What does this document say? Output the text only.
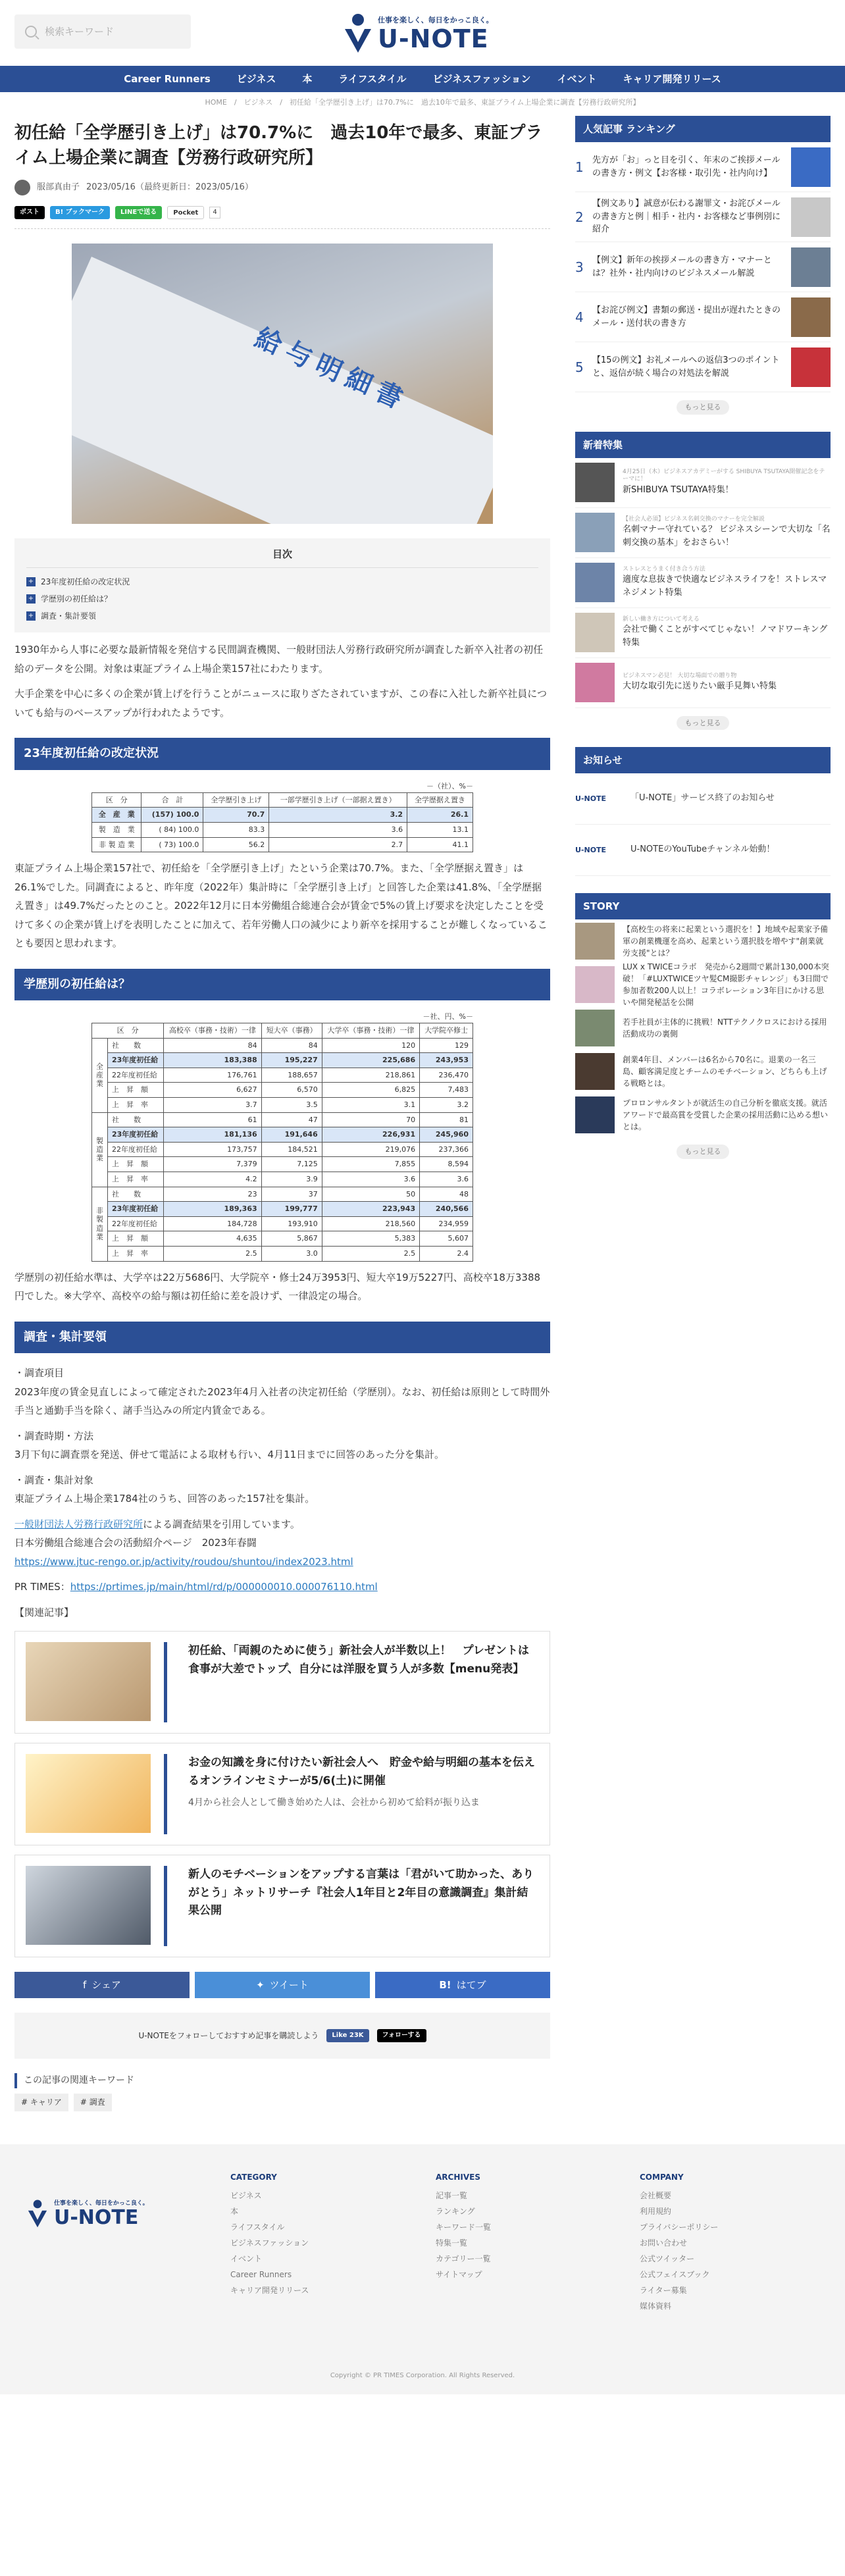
検索キーワード
仕事を楽しく、毎日をかっこ良く。
U-NOTE
Career Runners	ビジネス	本	ライフスタイル	ビジネスファッション	イベント	キャリア開発リリース
HOME　/　ビジネス　/　初任給「全学歴引き上げ」は70.7%に　過去10年で最多、東証プライム上場企業に調査【労務行政研究所】
初任給「全学歴引き上げ」は70.7%に　過去10年で最多、東証プライム上場企業に調査【労務行政研究所】
服部真由子 2023/05/16（最終更新日：2023/05/16）
ポスト	B! ブックマーク	LINEで送る	Pocket	4
給与明細書
目次
+ 23年度初任給の改定状況
+ 学歴別の初任給は？
+ 調査・集計要領

1930年から人事に必要な最新情報を発信する民間調査機関、一般財団法人労務行政研究所が調査した新卒入社者の初任給のデータを公開。対象は東証プライム上場企業157社にわたります。

大手企業を中心に多くの企業が賃上げを行うことがニュースに取りざたされていますが、この春に入社した新卒社員についても給与のベースアップが行われたようです。

23年度初任給の改定状況
－（社）、%－
区　分	合　計	全学歴引き上げ	一部学歴引き上げ（一部据え置き）	全学歴据え置き
全　産　業	(157) 100.0	70.7	3.2	26.1
製　造　業	( 84) 100.0	83.3	3.6	13.1
非 製 造 業	( 73) 100.0	56.2	2.7	41.1

東証プライム上場企業157社で、初任給を「全学歴引き上げ」たという企業は70.7%。また、「全学歴据え置き」は26.1%でした。同調査によると、昨年度（2022年）集計時に「全学歴引き上げ」と回答した企業は41.8%、「全学歴据え置き」は49.7%だったとのこと。2022年12月に日本労働組合総連合会が賃金で5%の賃上げ要求を決定したことを受けて多くの企業が賃上げを表明したことに加えて、若年労働人口の減少により新卒を採用することが難しくなっていることも要因と思われます。

学歴別の初任給は？
－社、円、%－
区　分		高校卒（事務・技術）一律	短大卒（事務）	大学卒（事務・技術）一律	大学院卒修士
全産業	社　　数	84	84	120	129
	23年度初任給	183,388	195,227	225,686	243,953
	22年度初任給	176,761	188,657	218,861	236,470
	上　昇　額	6,627	6,570	6,825	7,483
	上　昇　率	3.7	3.5	3.1	3.2
製造業	社　　数	61	47	70	81
	23年度初任給	181,136	191,646	226,931	245,960
	22年度初任給	173,757	184,521	219,076	237,366
	上　昇　額	7,379	7,125	7,855	8,594
	上　昇　率	4.2	3.9	3.6	3.6
非製造業	社　　数	23	37	50	48
	23年度初任給	189,363	199,777	223,943	240,566
	22年度初任給	184,728	193,910	218,560	234,959
	上　昇　額	4,635	5,867	5,383	5,607
	上　昇　率	2.5	3.0	2.5	2.4

学歴別の初任給水準は、大学卒は22万5686円、大学院卒・修士24万3953円、短大卒19万5227円、高校卒18万3388円でした。※大学卒、高校卒の給与額は初任給に差を設けず、一律設定の場合。

調査・集計要領

・調査項目

2023年度の賃金見直しによって確定された2023年4月入社者の決定初任給（学歴別）。なお、初任給は原則として時間外手当と通勤手当を除く、諸手当込みの所定内賃金である。

・調査時期・方法

3月下旬に調査票を発送、併せて電話による取材も行い、4月11日までに回答のあった分を集計。

・調査・集計対象

東証プライム上場企業1784社のうち、回答のあった157社を集計。

一般財団法人労務行政研究所による調査結果を引用しています。

日本労働組合総連合会の活動紹介ページ　2023年春闘

https://www.jtuc-rengo.or.jp/activity/roudou/shuntou/index2023.html

PR TIMES：https://prtimes.jp/main/html/rd/p/000000010.000076110.html

【関連記事】

初任給、「両親のために使う」新社会人が半数以上！　プレゼントは食事が大差でトップ、自分には洋服を買う人が多数【menu発表】
お金の知識を身に付けたい新社会人へ　貯金や給与明細の基本を伝えるオンラインセミナーが5/6(土)に開催
4月から社会人として働き始めた人は、会社から初めて給料が振り込ま
新人のモチベーションをアップする言葉は「君がいて助かった、ありがとう」ネットリサーチ『社会人1年目と2年目の意識調査』集計結果公開
f シェア	✦ ツイート	B! はてブ
U-NOTEをフォローしておすすめ記事を購読しよう	Like 23K	フォローする
この記事の関連キーワード
# キャリア	# 調査
人気記事 ランキング
1 先方が「お」っと目を引く、年末のご挨拶メールの書き方・例文【お客様・取引先・社内向け】
2
【例文あり】誠意が伝わる謝罪文・お詫びメールの書き方と例｜相手・社内・お客様など事例別に紹介
3 【例文】新年の挨拶メールの書き方・マナーとは？社外・社内向けのビジネスメール解説
4 【お詫び例文】書類の郵送・提出が遅れたときのメール・送付状の書き方
5 【15の例文】お礼メールへの返信3つのポイントと、返信が続く場合の対処法を解説
もっと見る
新着特集
4月25日（木）ビジネスアカデミーがする SHIBUYA TSUTAYA開催記念をテーマに！
新SHIBUYA TSUTAYA特集！
【社会人必須】ビジネス名刺交換のマナーを完全解説
名刺マナー守れている？ ビジネスシーンで大切な「名刺交換の基本」をおさらい！
ストレスとうまく付き合う方法
適度な息抜きで快適なビジネスライフを！ストレスマネジメント特集
新しい働き方について考える
会社で働くことがすべてじゃない！ノマドワーキング特集
ビジネスマン必見！ 大切な場面での贈り物
大切な取引先に送りたい厳手見舞い特集
もっと見る
お知らせ
U-NOTE	「U-NOTE」サービス終了のお知らせ
U-NOTE	U-NOTEのYouTubeチャンネル始動！
STORY
【高校生の将来に起業という選択を！】地域や起業家予備軍の創業機運を高め、起業という選択肢を増やす"創業就労支援"とは？
LUX x TWICEコラボ　発売から2週間で累計130,000本突破！「#LUXTWICEツヤ髪CM撮影チャレンジ」も3日間で参加者数200人以上！コラボレーション3年目にかける思いや開発秘話を公開
若手社員が主体的に挑戦！NTTテクノクロスにおける採用活動成功の裏側
創業4年目、メンバーは6名から70名に。退業の一名三島、顧客満足度とチームのモチベーション、どちらも上げる戦略とは。
プロロンサルタントが就活生の自己分析を徹底支援。就活アワードで最高賞を受賞した企業の採用活動に込める想いとは。
もっと見る
仕事を楽しく、毎日をかっこ良く。
U-NOTE
CATEGORY
ビジネス
本
ライフスタイル
ビジネスファッション
イベント
Career Runners
キャリア開発リリース
ARCHIVES
記事一覧
ランキング
キーワード一覧
特集一覧
カテゴリー一覧
サイトマップ
COMPANY
会社概要
利用規約
プライバシーポリシー
お問い合わせ
公式ツイッター
公式フェイスブック
ライター募集
媒体資料
Copyright © PR TIMES Corporation. All Rights Reserved.
